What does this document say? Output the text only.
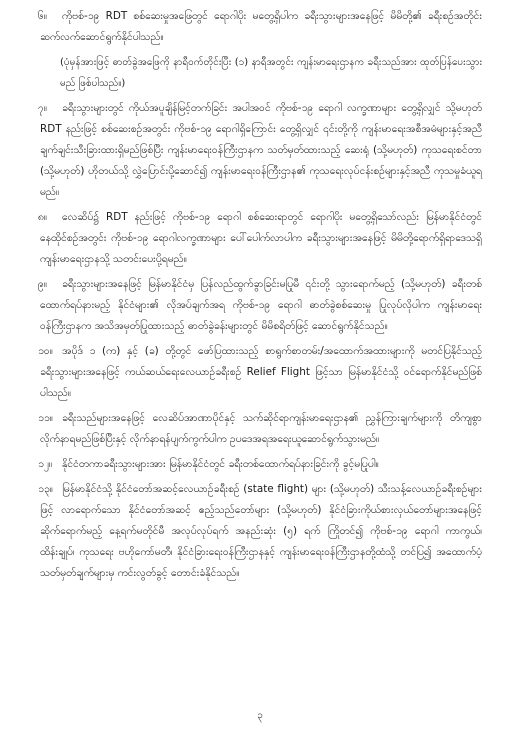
၆။ ကိုဗစ်-၁၉ RDT စစ်ဆေးမှုအဖြေတွင် ရောဂါပိုး မတွေ့ရှိပါက ခရီးသွားများအနေဖြင့် မိမိတို့၏ ခရီးစဉ်အတိုင်း ဆက်လက်ဆောင်ရွက်နိုင်ပါသည်။

(ပုံမှန်အားဖြင့် ဓာတ်ခွဲအဖြေကို နာရီဝက်တိုင်းပြီး (၁) နာရီအတွင်း ကျန်းမာရေးဌာနက ခရီးသည်အား ထုတ်ပြန်ပေးသွားမည် ဖြစ်ပါသည်။)

၇။ ခရီးသွားများတွင် ကိုယ်အပူချိန်မြင့်တက်ခြင်း အပါအဝင် ကိုဗစ်-၁၉ ရောဂါ လက္ခဏာများ တွေ့ရှိလျှင် သို့မဟုတ် RDT နည်းဖြင့် စစ်ဆေးစဉ်အတွင်း ကိုဗစ်-၁၉ ရောဂါရှိကြောင်း တွေ့ရှိလျှင် ၎င်းတို့ကို ကျန်းမာရေးအစီအမံများနှင့်အညီ ချက်ချင်းသီးခြားထားရှိမည်ဖြစ်ပြီး ကျန်းမာရေးဝန်ကြီးဌာနက သတ်မှတ်ထားသည့် ဆေးရုံ (သို့မဟုတ်) ကုသရေးစင်တာ (သို့မဟုတ်) ဟိုတယ်သို့ လွှဲပြောင်းပို့ဆောင်၍ ကျန်းမာရေးဝန်ကြီးဌာန၏ ကုသရေးလုပ်ငန်းစဉ်များနှင့်အညီ ကုသမှုခံယူရမည်။

၈။ လေဆိပ်၌ RDT နည်းဖြင့် ကိုဗစ်-၁၉ ရောဂါ စစ်ဆေးရာတွင် ရောဂါပိုး မတွေ့ရှိသော်လည်း မြန်မာနိုင်ငံတွင် နေထိုင်စဉ်အတွင်း ကိုဗစ်-၁၉ ရောဂါလက္ခဏာများ ပေါ်ပေါက်လာပါက ခရီးသွားများအနေဖြင့် မိမိတို့ရောက်ရှိရာဒေသရှိ ကျန်းမာရေးဌာနသို့ သတင်းပေးပို့ရမည်။

၉။ ခရီးသွားများအနေဖြင့် မြန်မာနိုင်ငံမှ ပြန်လည်ထွက်ခွာခြင်းမပြုမီ ၎င်းတို့ သွားရောက်မည့် (သို့မဟုတ်) ခရီးတစ်ထောက်ရပ်နားမည့် နိုင်ငံများ၏ လိုအပ်ချက်အရ ကိုဗစ်-၁၉ ရောဂါ ဓာတ်ခွဲစစ်ဆေးမှု ပြုလုပ်လိုပါက ကျန်းမာရေးဝန်ကြီးဌာနက အသိအမှတ်ပြုထားသည့် ဓာတ်ခွဲခန်းများတွင် မိမိစရိတ်ဖြင့် ဆောင်ရွက်နိုင်သည်။

၁၀။ အပိုဒ် ၁ (က) နှင့် (ခ) တို့တွင် ဖော်ပြထားသည့် စာရွက်စာတမ်း/အထောက်အထားများကို မတင်ပြနိုင်သည့် ခရီးသွားများအနေဖြင့် ကယ်ဆယ်ရေးလေယာဉ်ခရီးစဉ် Relief Flight ဖြင့်သာ မြန်မာနိုင်ငံသို့ ဝင်ရောက်နိုင်မည်ဖြစ်ပါသည်။

၁၁။ ခရီးသည်များအနေဖြင့် လေဆိပ်အာဏာပိုင်နှင့် သက်ဆိုင်ရာကျန်းမာရေးဌာန၏ ညွှန်ကြားချက်များကို တိကျစွာလိုက်နာရမည်ဖြစ်ပြီးနှင့် လိုက်နာရန်ပျက်ကွက်ပါက ဥပဒေအရအရေးယူဆောင်ရွက်သွားမည်။

၁၂။ နိုင်ငံတကာခရီးသွားများအား မြန်မာနိုင်ငံတွင် ခရီးတစ်ထောက်ရပ်နားခြင်းကို ခွင့်မပြုပါ။

၁၃။ မြန်မာနိုင်ငံသို့ နိုင်ငံတော်အဆင့်လေယာဉ်ခရီးစဉ် (state flight) များ (သို့မဟုတ်) သီးသန့်လေယာဉ်ခရီးစဉ်များဖြင့် လာရောက်သော နိုင်ငံတော်အဆင့် ဧည့်သည်တော်များ (သို့မဟုတ်) နိုင်ငံခြားကိုယ်စားလှယ်တော်များအနေဖြင့် ဆိုက်ရောက်မည့် နေ့ရက်မတိုင်မီ အလုပ်လုပ်ရက် အနည်းဆုံး (၅) ရက် ကြိုတင်၍ ကိုဗစ်-၁၉ ရောဂါ ကာကွယ်၊ ထိန်းချုပ်၊ ကုသရေး ဗဟိုကော်မတီ၊ နိုင်ငံခြားရေးဝန်ကြီးဌာနနှင့် ကျန်းမာရေးဝန်ကြီးဌာနတို့ထံသို့ တင်ပြ၍ အထောက်ပံ့သတ်မှတ်ချက်များမှ ကင်းလွတ်ခွင့် တောင်းခံနိုင်သည်။

၃
